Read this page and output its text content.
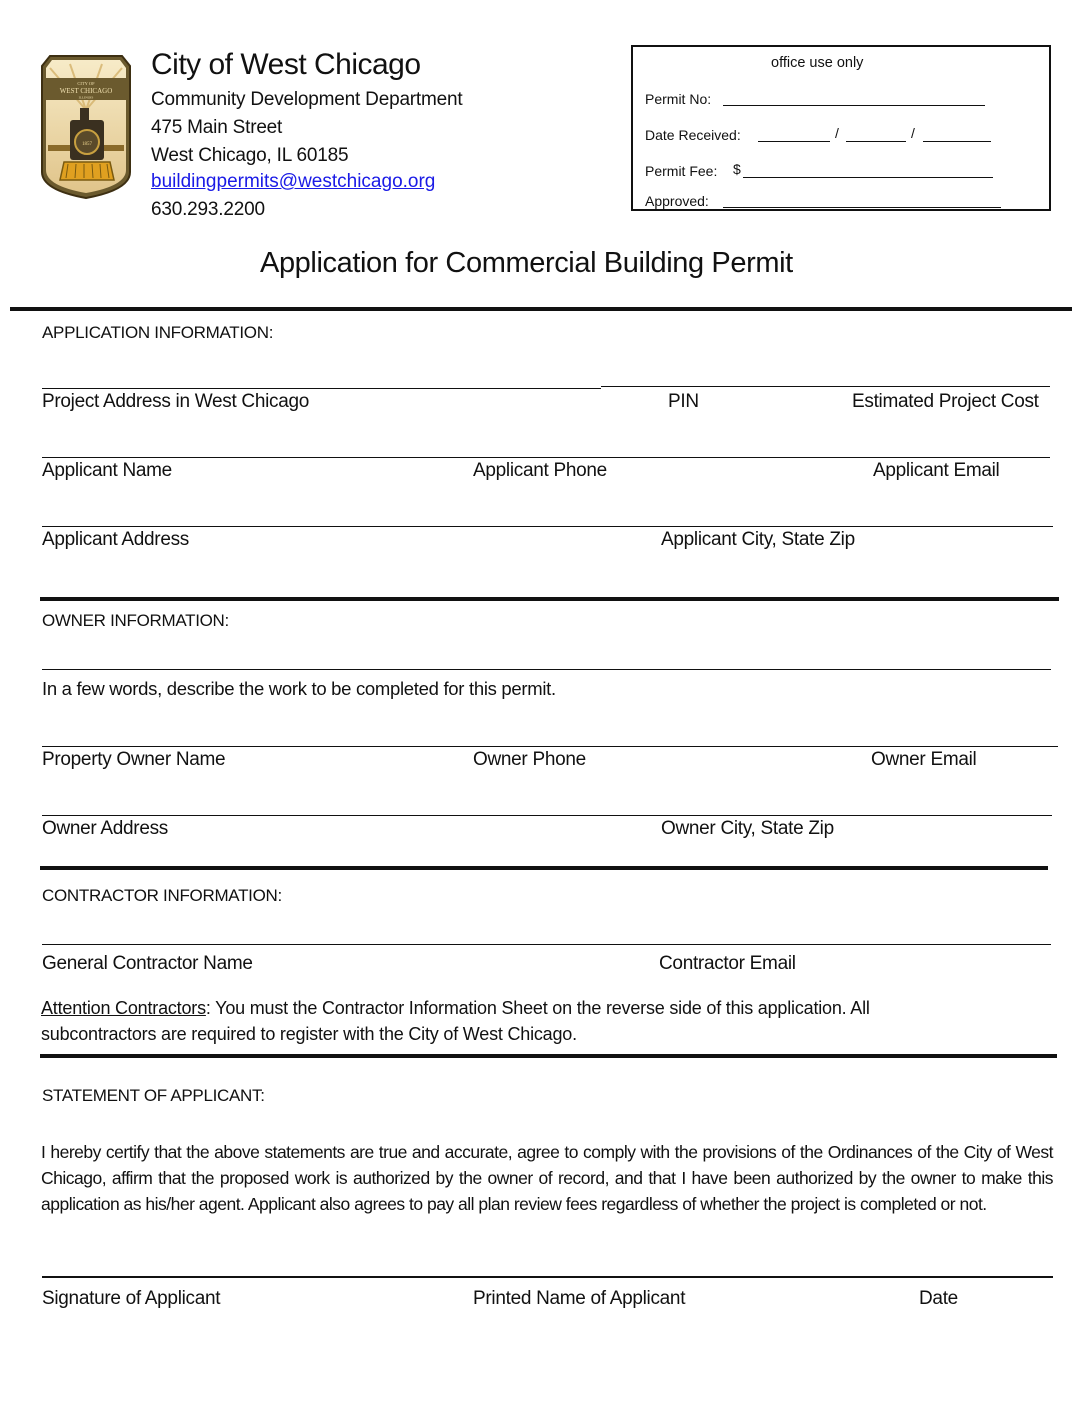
CITY OF
WEST CHICAGO
ILLINOIS
1857
City of West Chicago
Community Development Department
475 Main Street
West Chicago, IL 60185
buildingpermits@westchicago.org
630.293.2200
office use only
Permit No:
Date Received:	/	/
Permit Fee: $
Approved:
Application for Commercial Building Permit
APPLICATION INFORMATION:
Project Address in West Chicago	PIN	Estimated Project Cost
Applicant Name	Applicant Phone	Applicant Email
Applicant Address	Applicant City, State Zip
OWNER INFORMATION:
In a few words, describe the work to be completed for this permit.
Property Owner Name	Owner Phone	Owner Email
Owner Address	Owner City, State Zip
CONTRACTOR INFORMATION:
General Contractor Name	Contractor Email
Attention Contractors: You must the Contractor Information Sheet on the reverse side of this application. All
subcontractors are required to register with the City of West Chicago.
STATEMENT OF APPLICANT:
I hereby certify that the above statements are true and accurate, agree to comply with the provisions of the Ordinances of the City of West Chicago, affirm that the proposed work is authorized by the owner of record, and that I have been authorized by the owner to make this application as his/her agent. Applicant also agrees to pay all plan review fees regardless of whether the project is completed or not.
Signature of Applicant	Printed Name of Applicant	Date
